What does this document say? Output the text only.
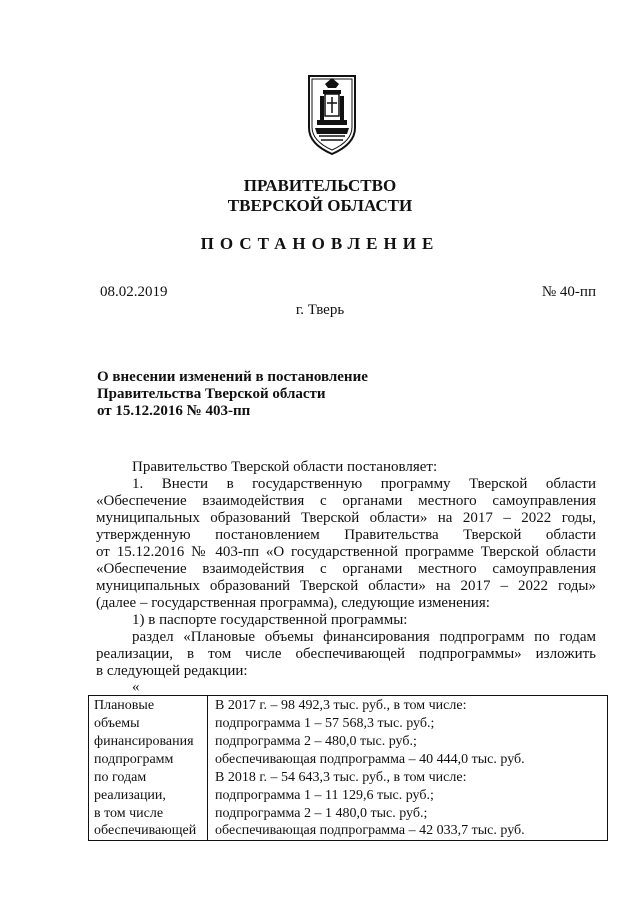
ПРАВИТЕЛЬСТВО
ТВЕРСКОЙ ОБЛАСТИ
ПОСТАНОВЛЕНИЕ
08.02.2019	№ 40-пп
г. Тверь
О внесении изменений в постановление
Правительства Тверской области
от 15.12.2016 № 403-пп
Правительство Тверской области постановляет:
1. Внести в государственную программу Тверской области
«Обеспечение взаимодействия с органами местного самоуправления
муниципальных образований Тверской области» на 2017 – 2022 годы,
утвержденную постановлением Правительства Тверской области
от 15.12.2016 № 403-пп «О государственной программе Тверской области
«Обеспечение взаимодействия с органами местного самоуправления
муниципальных образований Тверской области» на 2017 – 2022 годы»
(далее – государственная программа), следующие изменения:
1) в паспорте государственной программы:
раздел «Плановые объемы финансирования подпрограмм по годам
реализации, в том числе обеспечивающей подпрограммы» изложить
в следующей редакции:
«
Плановые
объемы
финансирования
подпрограмм
по годам
реализации,
в том числе
обеспечивающей
В 2017 г. – 98 492,3 тыс. руб., в том числе:
подпрограмма 1 – 57 568,3 тыс. руб.;
подпрограмма 2 – 480,0 тыс. руб.;
обеспечивающая подпрограмма – 40 444,0 тыс. руб.
В 2018 г. – 54 643,3 тыс. руб., в том числе:
подпрограмма 1 – 11 129,6 тыс. руб.;
подпрограмма 2 – 1 480,0 тыс. руб.;
обеспечивающая подпрограмма – 42 033,7 тыс. руб.
